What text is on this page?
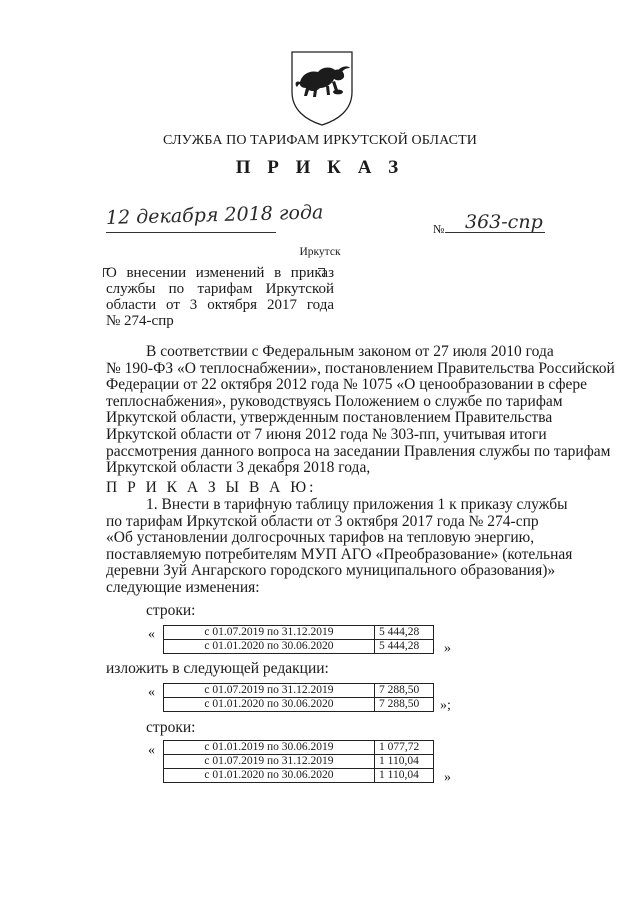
СЛУЖБА ПО ТАРИФАМ ИРКУТСКОЙ ОБЛАСТИ
П Р И К А З
12 декабря 2018 года
№ 363-спр
Иркутск
О внесении изменений в приказ
службы по тарифам Иркутской
области от 3 октября 2017 года
№ 274-спр
В соответствии с Федеральным законом от 27 июля 2010 года
№ 190-ФЗ «О теплоснабжении», постановлением Правительства Российской
Федерации от 22 октября 2012 года № 1075 «О ценообразовании в сфере
теплоснабжения», руководствуясь Положением о службе по тарифам
Иркутской области, утвержденным постановлением Правительства
Иркутской области от 7 июня 2012 года № 303-пп, учитывая итоги
рассмотрения данного вопроса на заседании Правления службы по тарифам
Иркутской области 3 декабря 2018 года,
П Р И К А З Ы В А Ю:
1. Внести в тарифную таблицу приложения 1 к приказу службы
по тарифам Иркутской области от 3 октября 2017 года № 274-спр
«Об установлении долгосрочных тарифов на тепловую энергию,
поставляемую потребителям МУП АГО «Преобразование» (котельная
деревни Зуй Ангарского городского муниципального образования)»
следующие изменения:
строки:
«	с 01.07.2019 по 31.12.2019	5 444,28
с 01.01.2020 по 30.06.2020	5 444,28 »
изложить в следующей редакции:
«	с 01.07.2019 по 31.12.2019	7 288,50
с 01.01.2020 по 30.06.2020	7 288,50 »;
строки:
«	с 01.01.2019 по 30.06.2019	1 077,72
с 01.07.2019 по 31.12.2019	1 110,04
с 01.01.2020 по 30.06.2020	1 110,04 »
